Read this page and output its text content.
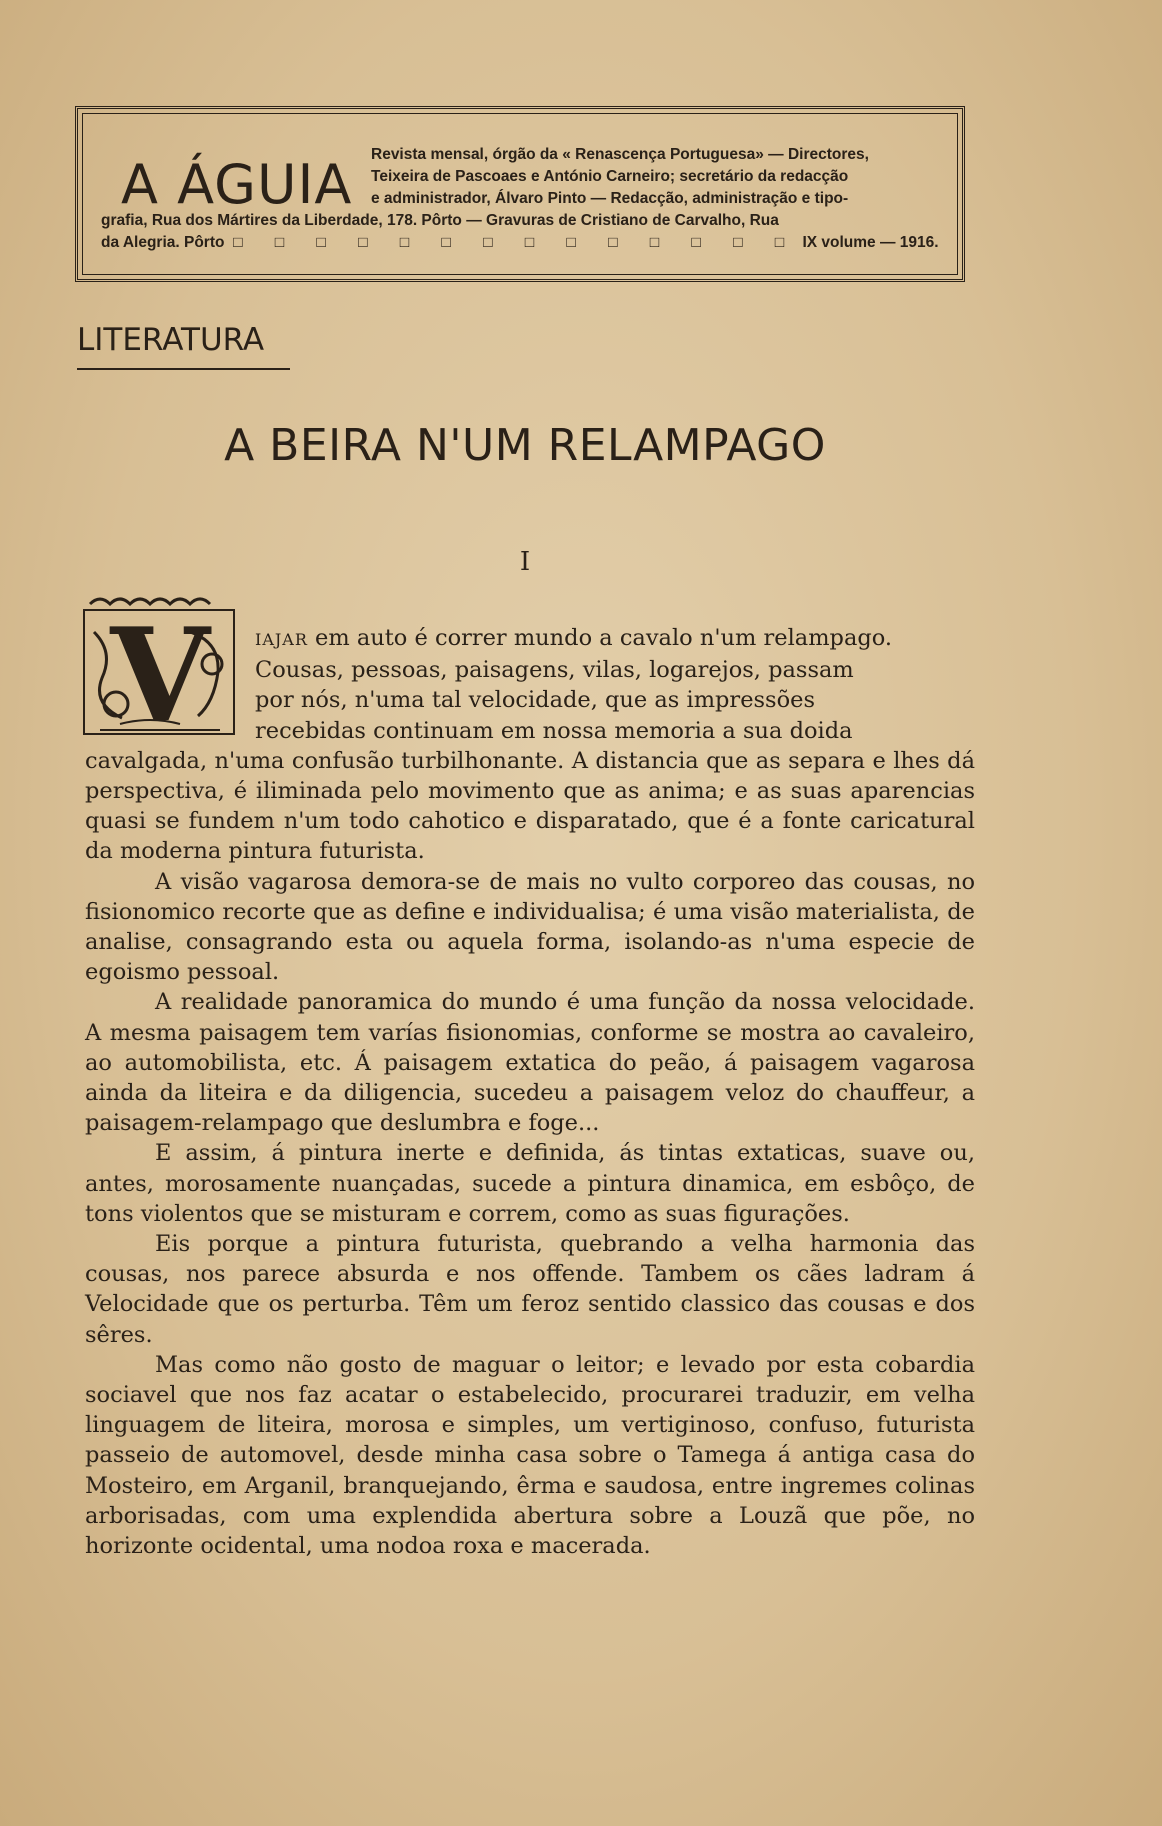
A ÁGUIA	Revista mensal, órgão da « Renascença Portuguesa» — Directores,
Teixeira de Pascoaes e António Carneiro; secretário da redacção
e administrador, Álvaro Pinto — Redacção, administração e tipo-
grafia, Rua dos Mártires da Liberdade, 178. Pôrto — Gravuras de Cristiano de Carvalho, Rua
da Alegria. Pôrto □ □ □ □ □ □ □ □ □ □ □ □ □ □ IX volume — 1916.
LITERATURA
A BEIRA N'UM RELAMPAGO
I
V	IAJAR em auto é correr mundo a cavalo n'um relampago.

Cousas, pessoas, paisagens, vilas, logarejos, passam

por nós, n'uma tal velocidade, que as impressões

recebidas continuam em nossa memoria a sua doida

cavalgada, n'uma confusão turbilhonante. A distancia que as separa e lhes dá perspectiva, é iliminada pelo movimento que as anima; e as suas aparencias quasi se fundem n'um todo cahotico e disparatado, que é a fonte caricatural da moderna pintura futurista.

A visão vagarosa demora-se de mais no vulto corporeo das cousas, no fisionomico recorte que as define e individualisa; é uma visão materialista, de analise, consagrando esta ou aquela forma, isolando-as n'uma especie de egoismo pessoal.

A realidade panoramica do mundo é uma função da nossa velocidade. A mesma paisagem tem varías fisionomias, conforme se mostra ao cavaleiro, ao automobilista, etc. Á paisagem extatica do peão, á paisagem vagarosa ainda da liteira e da diligencia, sucedeu a paisagem veloz do chauffeur, a paisagem-relampago que deslumbra e foge...

E assim, á pintura inerte e definida, ás tintas extaticas, suave ou, antes, morosamente nuançadas, sucede a pintura dinamica, em esbôço, de tons violentos que se misturam e correm, como as suas figurações.

Eis porque a pintura futurista, quebrando a velha harmonia das cousas, nos parece absurda e nos offende. Tambem os cães ladram á Velocidade que os perturba. Têm um feroz sentido classico das cousas e dos sêres.

Mas como não gosto de maguar o leitor; e levado por esta cobardia sociavel que nos faz acatar o estabelecido, procurarei traduzir, em velha linguagem de liteira, morosa e simples, um vertiginoso, confuso, futurista passeio de automovel, desde minha casa sobre o Tamega á antiga casa do Mosteiro, em Arganil, branquejando, êrma e saudosa, entre ingremes colinas arborisadas, com uma explendida abertura sobre a Louzã que põe, no horizonte ocidental, uma nodoa roxa e macerada.
